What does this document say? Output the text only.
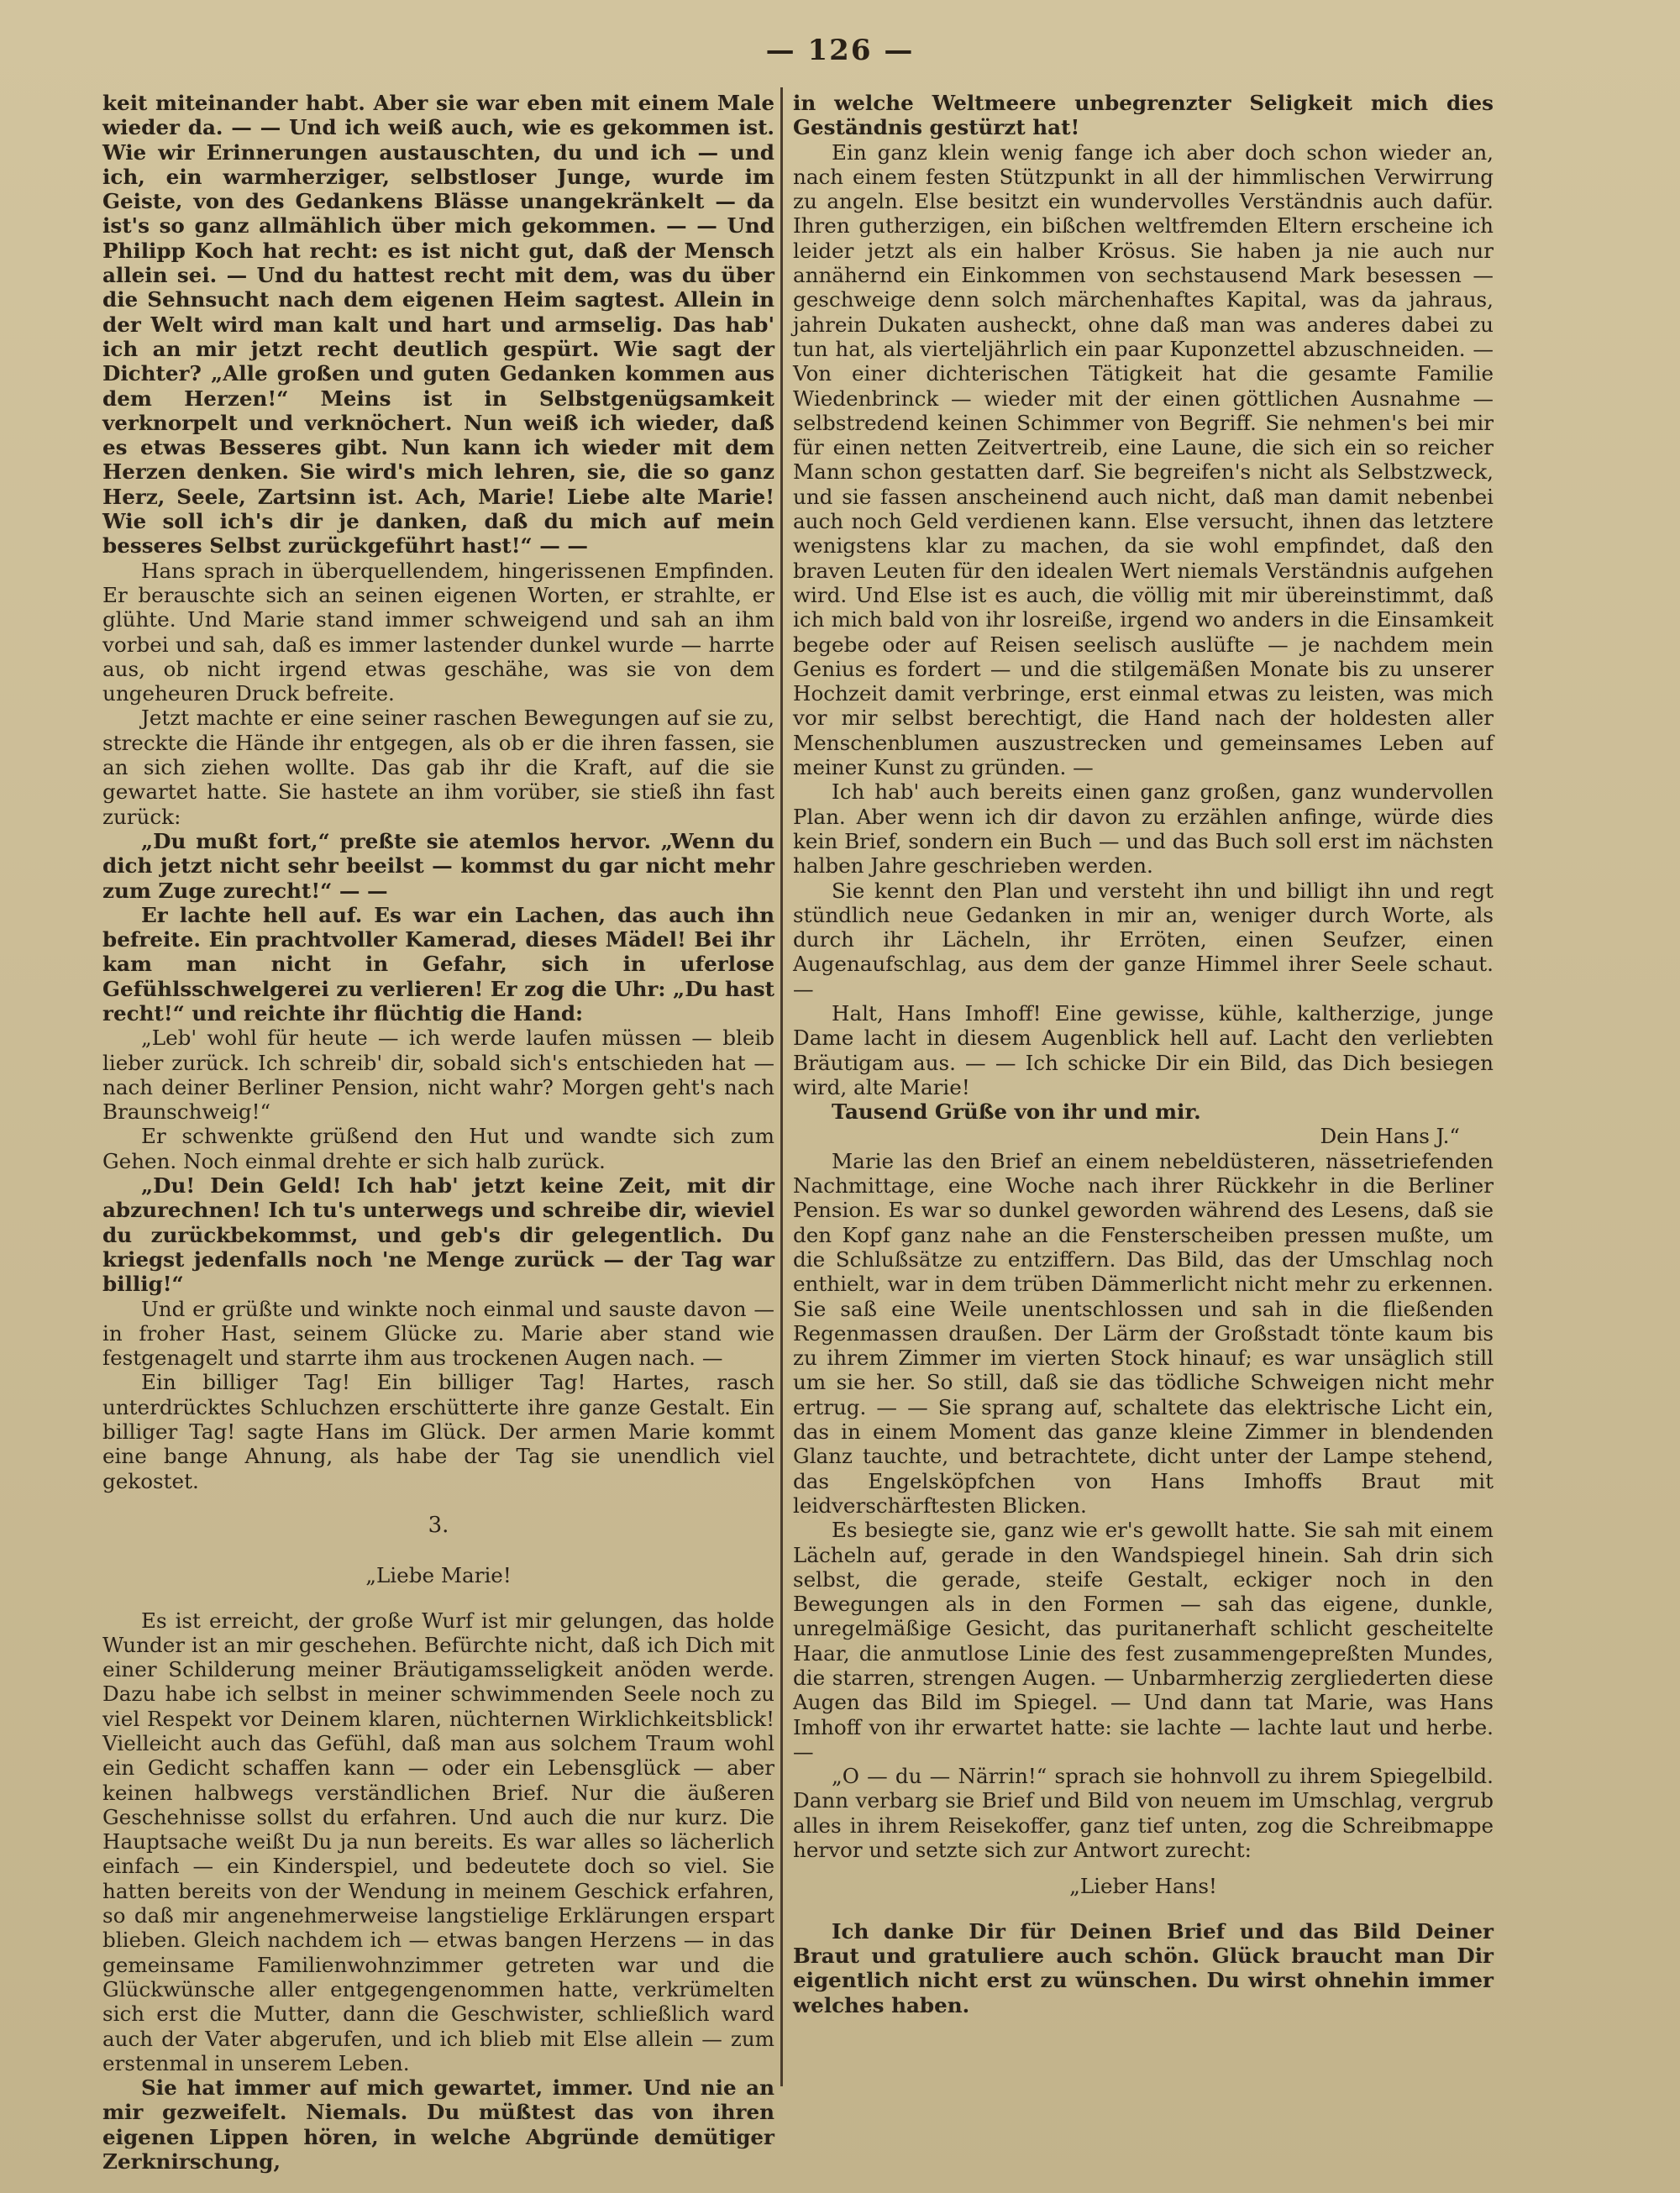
— 126 —

keit miteinander habt. Aber sie war eben mit einem Male wieder da. — — Und ich weiß auch, wie es gekommen ist. Wie wir Erinnerungen austauschten, du und ich — und ich, ein warmherziger, selbstloser Junge, wurde im Geiste, von des Gedankens Blässe unangekränkelt — da ist's so ganz allmählich über mich gekommen. — — Und Philipp Koch hat recht: es ist nicht gut, daß der Mensch allein sei. — Und du hattest recht mit dem, was du über die Sehnsucht nach dem eigenen Heim sagtest. Allein in der Welt wird man kalt und hart und armselig. Das hab' ich an mir jetzt recht deutlich gespürt. Wie sagt der Dichter? „Alle großen und guten Gedanken kommen aus dem Herzen!“ Meins ist in Selbstgenügsamkeit verknorpelt und verknöchert. Nun weiß ich wieder, daß es etwas Besseres gibt. Nun kann ich wieder mit dem Herzen denken. Sie wird's mich lehren, sie, die so ganz Herz, Seele, Zartsinn ist. Ach, Marie! Liebe alte Marie! Wie soll ich's dir je danken, daß du mich auf mein besseres Selbst zurückgeführt hast!“ — —

Hans sprach in überquellendem, hingerissenen Empfinden. Er berauschte sich an seinen eigenen Worten, er strahlte, er glühte. Und Marie stand immer schweigend und sah an ihm vorbei und sah, daß es immer lastender dunkel wurde — harrte aus, ob nicht irgend etwas geschähe, was sie von dem ungeheuren Druck befreite.

Jetzt machte er eine seiner raschen Bewegungen auf sie zu, streckte die Hände ihr entgegen, als ob er die ihren fassen, sie an sich ziehen wollte. Das gab ihr die Kraft, auf die sie gewartet hatte. Sie hastete an ihm vorüber, sie stieß ihn fast zurück:

„Du mußt fort,“ preßte sie atemlos hervor. „Wenn du dich jetzt nicht sehr beeilst — kommst du gar nicht mehr zum Zuge zurecht!“ — —

Er lachte hell auf. Es war ein Lachen, das auch ihn befreite. Ein prachtvoller Kamerad, dieses Mädel! Bei ihr kam man nicht in Gefahr, sich in uferlose Gefühlsschwelgerei zu verlieren! Er zog die Uhr: „Du hast recht!“ und reichte ihr flüchtig die Hand:

„Leb' wohl für heute — ich werde laufen müssen — bleib lieber zurück. Ich schreib' dir, sobald sich's entschieden hat — nach deiner Berliner Pension, nicht wahr? Morgen geht's nach Braunschweig!“

Er schwenkte grüßend den Hut und wandte sich zum Gehen. Noch einmal drehte er sich halb zurück.

„Du! Dein Geld! Ich hab' jetzt keine Zeit, mit dir abzurechnen! Ich tu's unterwegs und schreibe dir, wieviel du zurückbekommst, und geb's dir gelegentlich. Du kriegst jedenfalls noch 'ne Menge zurück — der Tag war billig!“

Und er grüßte und winkte noch einmal und sauste davon — in froher Hast, seinem Glücke zu. Marie aber stand wie festgenagelt und starrte ihm aus trockenen Augen nach. —

Ein billiger Tag! Ein billiger Tag! Hartes, rasch unterdrücktes Schluchzen erschütterte ihre ganze Gestalt. Ein billiger Tag! sagte Hans im Glück. Der armen Marie kommt eine bange Ahnung, als habe der Tag sie unendlich viel gekostet.

3.
„Liebe Marie!

Es ist erreicht, der große Wurf ist mir gelungen, das holde Wunder ist an mir geschehen. Befürchte nicht, daß ich Dich mit einer Schilderung meiner Bräutigamsseligkeit anöden werde. Dazu habe ich selbst in meiner schwimmenden Seele noch zu viel Respekt vor Deinem klaren, nüchternen Wirklichkeitsblick! Vielleicht auch das Gefühl, daß man aus solchem Traum wohl ein Gedicht schaffen kann — oder ein Lebensglück — aber keinen halbwegs verständlichen Brief. Nur die äußeren Geschehnisse sollst du erfahren. Und auch die nur kurz. Die Hauptsache weißt Du ja nun bereits. Es war alles so lächerlich einfach — ein Kinderspiel, und bedeutete doch so viel. Sie hatten bereits von der Wendung in meinem Geschick erfahren, so daß mir angenehmerweise langstielige Erklärungen erspart blieben. Gleich nachdem ich — etwas bangen Herzens — in das gemeinsame Familienwohnzimmer getreten war und die Glückwünsche aller entgegengenommen hatte, verkrümelten sich erst die Mutter, dann die Geschwister, schließlich ward auch der Vater abgerufen, und ich blieb mit Else allein — zum erstenmal in unserem Leben.

Sie hat immer auf mich gewartet, immer. Und nie an mir gezweifelt. Niemals. Du müßtest das von ihren eigenen Lippen hören, in welche Abgründe demütiger Zerknirschung,

in welche Weltmeere unbegrenzter Seligkeit mich dies Geständnis gestürzt hat!

Ein ganz klein wenig fange ich aber doch schon wieder an, nach einem festen Stützpunkt in all der himmlischen Verwirrung zu angeln. Else besitzt ein wundervolles Verständnis auch dafür. Ihren gutherzigen, ein bißchen weltfremden Eltern erscheine ich leider jetzt als ein halber Krösus. Sie haben ja nie auch nur annähernd ein Einkommen von sechstausend Mark besessen — geschweige denn solch märchenhaftes Kapital, was da jahraus, jahrein Dukaten ausheckt, ohne daß man was anderes dabei zu tun hat, als vierteljährlich ein paar Kuponzettel abzuschneiden. — Von einer dichterischen Tätigkeit hat die gesamte Familie Wiedenbrinck — wieder mit der einen göttlichen Ausnahme — selbstredend keinen Schimmer von Begriff. Sie nehmen's bei mir für einen netten Zeitvertreib, eine Laune, die sich ein so reicher Mann schon gestatten darf. Sie begreifen's nicht als Selbstzweck, und sie fassen anscheinend auch nicht, daß man damit nebenbei auch noch Geld verdienen kann. Else versucht, ihnen das letztere wenigstens klar zu machen, da sie wohl empfindet, daß den braven Leuten für den idealen Wert niemals Verständnis aufgehen wird. Und Else ist es auch, die völlig mit mir übereinstimmt, daß ich mich bald von ihr losreiße, irgend wo anders in die Einsamkeit begebe oder auf Reisen seelisch auslüfte — je nachdem mein Genius es fordert — und die stilgemäßen Monate bis zu unserer Hochzeit damit verbringe, erst einmal etwas zu leisten, was mich vor mir selbst berechtigt, die Hand nach der holdesten aller Menschenblumen auszustrecken und gemeinsames Leben auf meiner Kunst zu gründen. —

Ich hab' auch bereits einen ganz großen, ganz wundervollen Plan. Aber wenn ich dir davon zu erzählen anfinge, würde dies kein Brief, sondern ein Buch — und das Buch soll erst im nächsten halben Jahre geschrieben werden.

Sie kennt den Plan und versteht ihn und billigt ihn und regt stündlich neue Gedanken in mir an, weniger durch Worte, als durch ihr Lächeln, ihr Erröten, einen Seufzer, einen Augenaufschlag, aus dem der ganze Himmel ihrer Seele schaut. —

Halt, Hans Imhoff! Eine gewisse, kühle, kaltherzige, junge Dame lacht in diesem Augenblick hell auf. Lacht den verliebten Bräutigam aus. — — Ich schicke Dir ein Bild, das Dich besiegen wird, alte Marie!

Tausend Grüße von ihr und mir.

Dein Hans J.“

Marie las den Brief an einem nebeldüsteren, nässetriefenden Nachmittage, eine Woche nach ihrer Rückkehr in die Berliner Pension. Es war so dunkel geworden während des Lesens, daß sie den Kopf ganz nahe an die Fensterscheiben pressen mußte, um die Schlußsätze zu entziffern. Das Bild, das der Umschlag noch enthielt, war in dem trüben Dämmerlicht nicht mehr zu erkennen. Sie saß eine Weile unentschlossen und sah in die fließenden Regenmassen draußen. Der Lärm der Großstadt tönte kaum bis zu ihrem Zimmer im vierten Stock hinauf; es war unsäglich still um sie her. So still, daß sie das tödliche Schweigen nicht mehr ertrug. — — Sie sprang auf, schaltete das elektrische Licht ein, das in einem Moment das ganze kleine Zimmer in blendenden Glanz tauchte, und betrachtete, dicht unter der Lampe stehend, das Engelsköpfchen von Hans Imhoffs Braut mit leidverschärftesten Blicken.

Es besiegte sie, ganz wie er's gewollt hatte. Sie sah mit einem Lächeln auf, gerade in den Wandspiegel hinein. Sah drin sich selbst, die gerade, steife Gestalt, eckiger noch in den Bewegungen als in den Formen — sah das eigene, dunkle, unregelmäßige Gesicht, das puritanerhaft schlicht gescheitelte Haar, die anmutlose Linie des fest zusammengepreßten Mundes, die starren, strengen Augen. — Unbarmherzig zergliederten diese Augen das Bild im Spiegel. — Und dann tat Marie, was Hans Imhoff von ihr erwartet hatte: sie lachte — lachte laut und herbe. —

„O — du — Närrin!“ sprach sie hohnvoll zu ihrem Spiegelbild. Dann verbarg sie Brief und Bild von neuem im Umschlag, vergrub alles in ihrem Reisekoffer, ganz tief unten, zog die Schreibmappe hervor und setzte sich zur Antwort zurecht:

„Lieber Hans!

Ich danke Dir für Deinen Brief und das Bild Deiner Braut und gratuliere auch schön. Glück braucht man Dir eigentlich nicht erst zu wünschen. Du wirst ohnehin immer welches haben.
